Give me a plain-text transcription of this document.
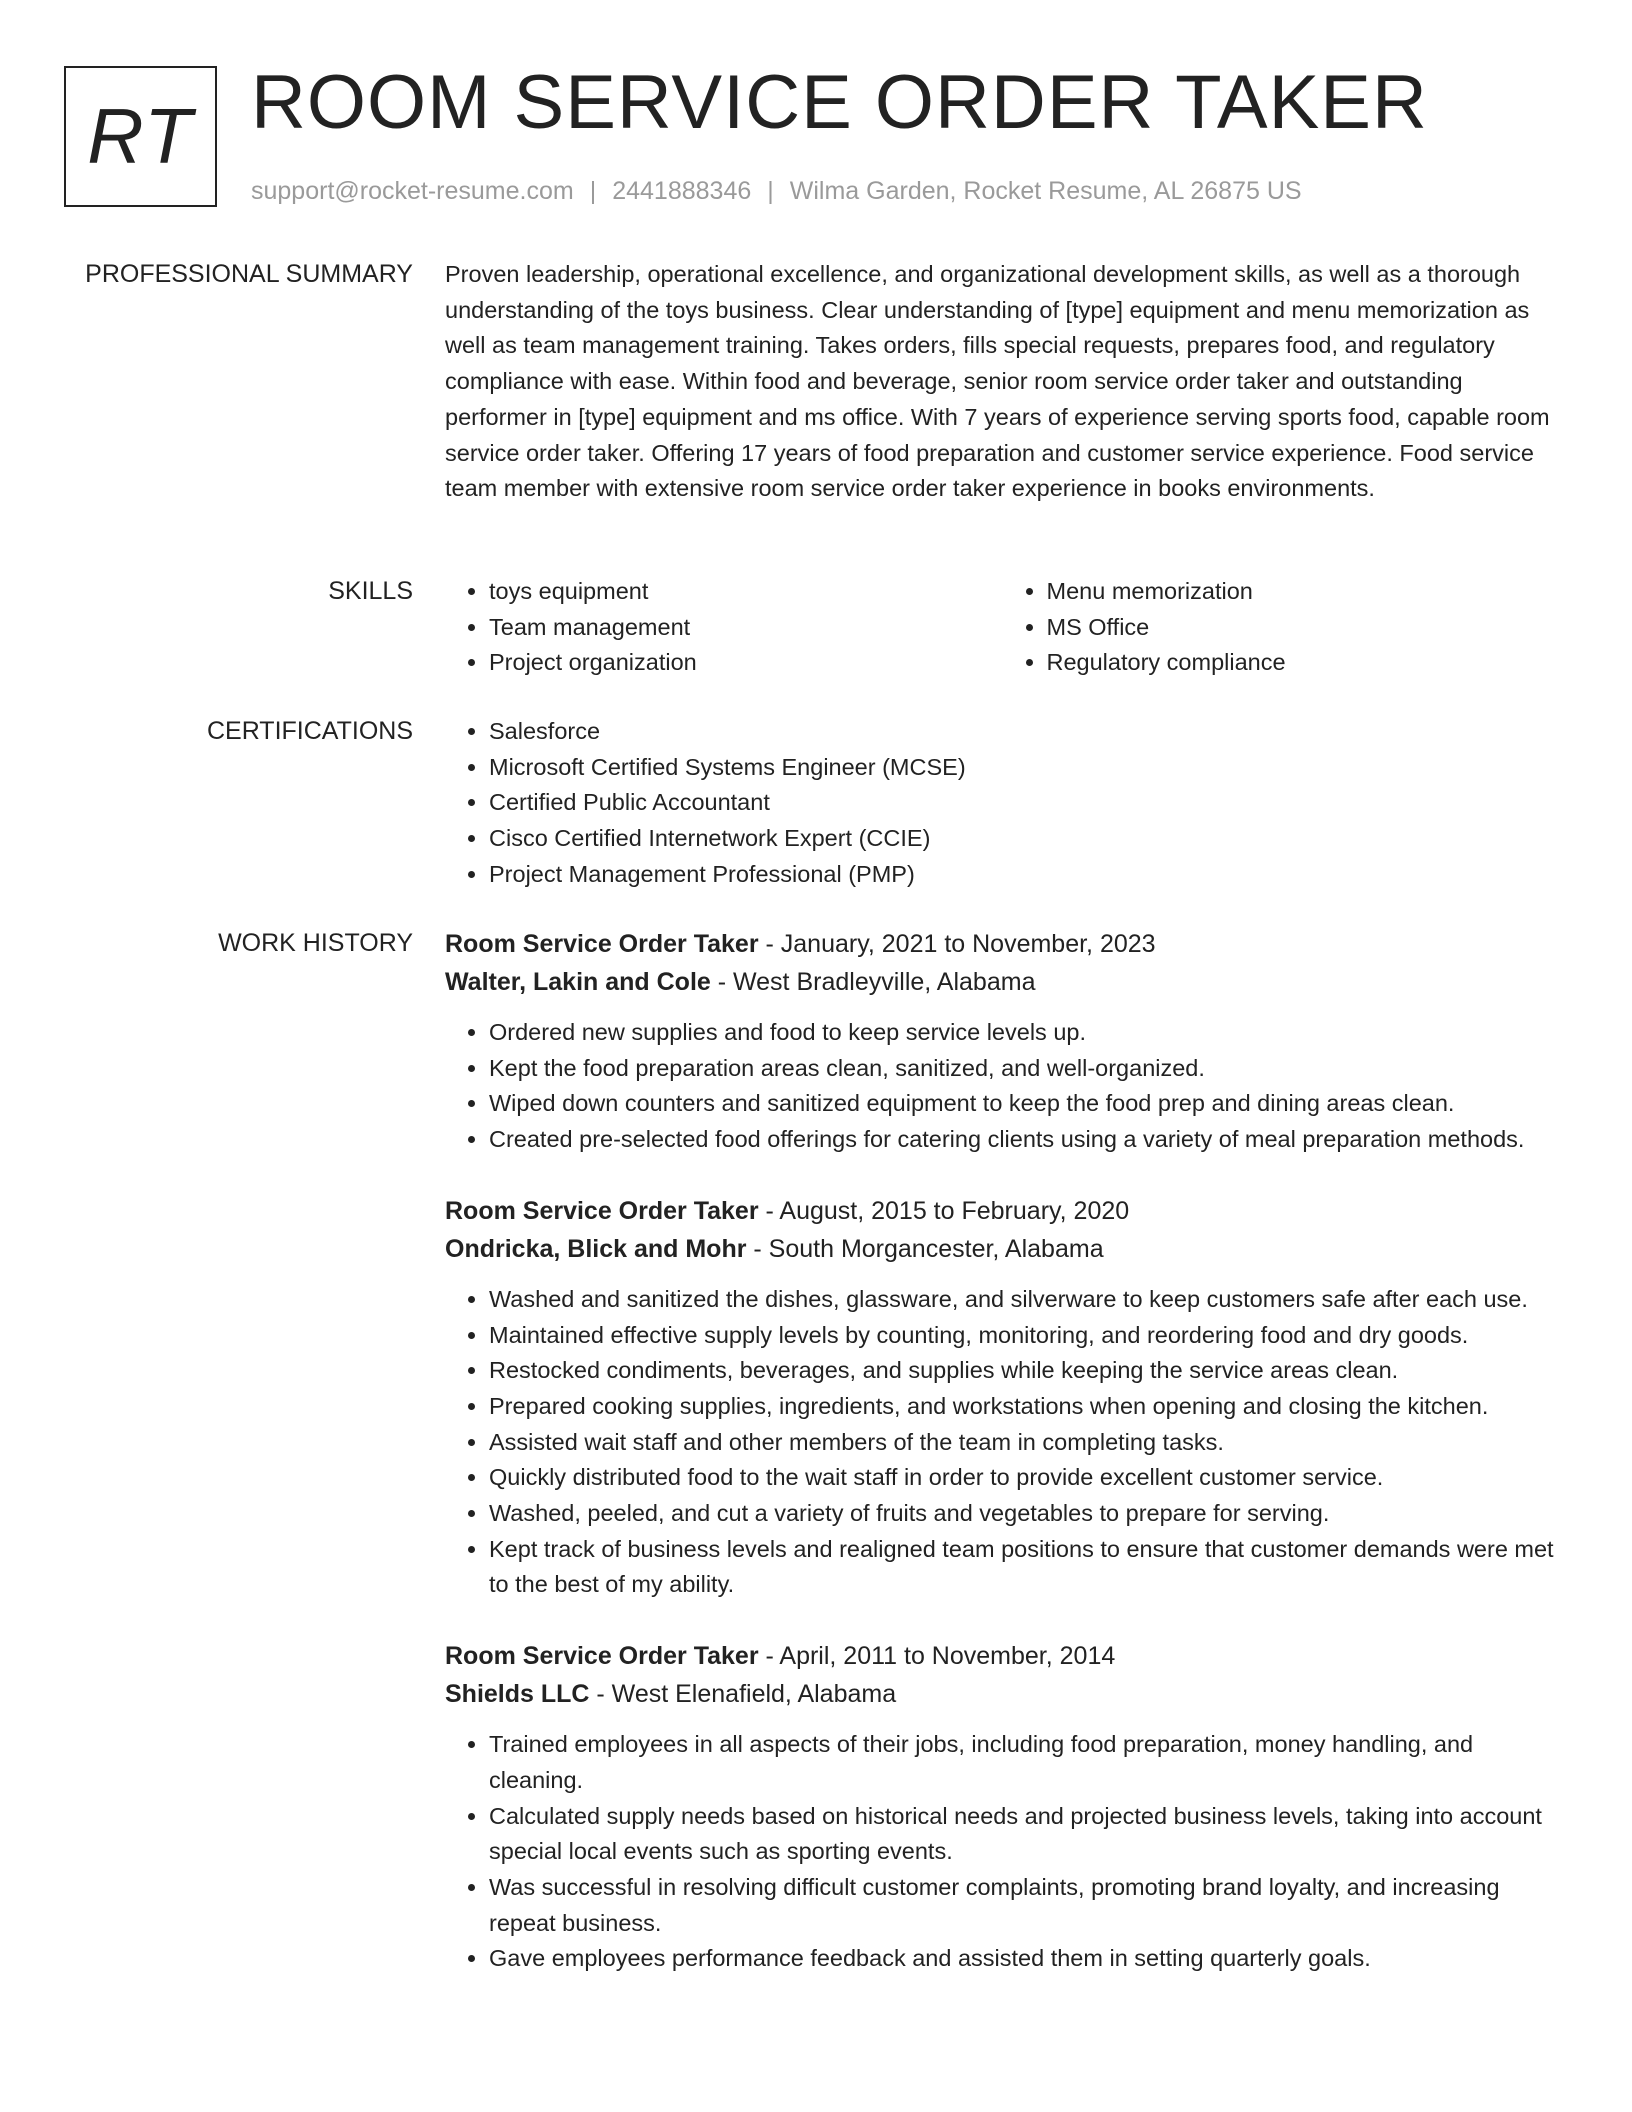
RT ROOM SERVICE ORDER TAKER
support@rocket-resume.com | 2441888346 | Wilma Garden, Rocket Resume, AL 26875 US
PROFESSIONAL SUMMARY Proven leadership, operational excellence, and organizational development skills, as well as a thorough understanding of the toys business. Clear understanding of [type] equipment and menu memorization as well as team management training. Takes orders, fills special requests, prepares food, and regulatory compliance with ease. Within food and beverage, senior room service order taker and outstanding performer in [type] equipment and ms office. With 7 years of experience serving sports food, capable room service order taker. Offering 17 years of food preparation and customer service experience. Food service team member with extensive room service order taker experience in books environments.

SKILLS	• toys equipment
• Team management
• Project organization
• Menu memorization
• MS Office
• Regulatory compliance
CERTIFICATIONS	• Salesforce
• Microsoft Certified Systems Engineer (MCSE)
• Certified Public Accountant
• Cisco Certified Internetwork Expert (CCIE)
• Project Management Professional (PMP)
WORK HISTORY Room Service Order Taker - January, 2021 to November, 2023
Walter, Lakin and Cole - West Bradleyville, Alabama
• Ordered new supplies and food to keep service levels up.
• Kept the food preparation areas clean, sanitized, and well-organized.
• Wiped down counters and sanitized equipment to keep the food prep and dining areas clean.
• Created pre-selected food offerings for catering clients using a variety of meal preparation methods.
Room Service Order Taker - August, 2015 to February, 2020
Ondricka, Blick and Mohr - South Morgancester, Alabama
• Washed and sanitized the dishes, glassware, and silverware to keep customers safe after each use.
• Maintained effective supply levels by counting, monitoring, and reordering food and dry goods.
• Restocked condiments, beverages, and supplies while keeping the service areas clean.
• Prepared cooking supplies, ingredients, and workstations when opening and closing the kitchen.
• Assisted wait staff and other members of the team in completing tasks.
• Quickly distributed food to the wait staff in order to provide excellent customer service.
• Washed, peeled, and cut a variety of fruits and vegetables to prepare for serving.
• Kept track of business levels and realigned team positions to ensure that customer demands were met to the best of my ability.
Room Service Order Taker - April, 2011 to November, 2014
Shields LLC - West Elenafield, Alabama
• Trained employees in all aspects of their jobs, including food preparation, money handling, and cleaning.
• Calculated supply needs based on historical needs and projected business levels, taking into account special local events such as sporting events.
• Was successful in resolving difficult customer complaints, promoting brand loyalty, and increasing repeat business.
• Gave employees performance feedback and assisted them in setting quarterly goals.
